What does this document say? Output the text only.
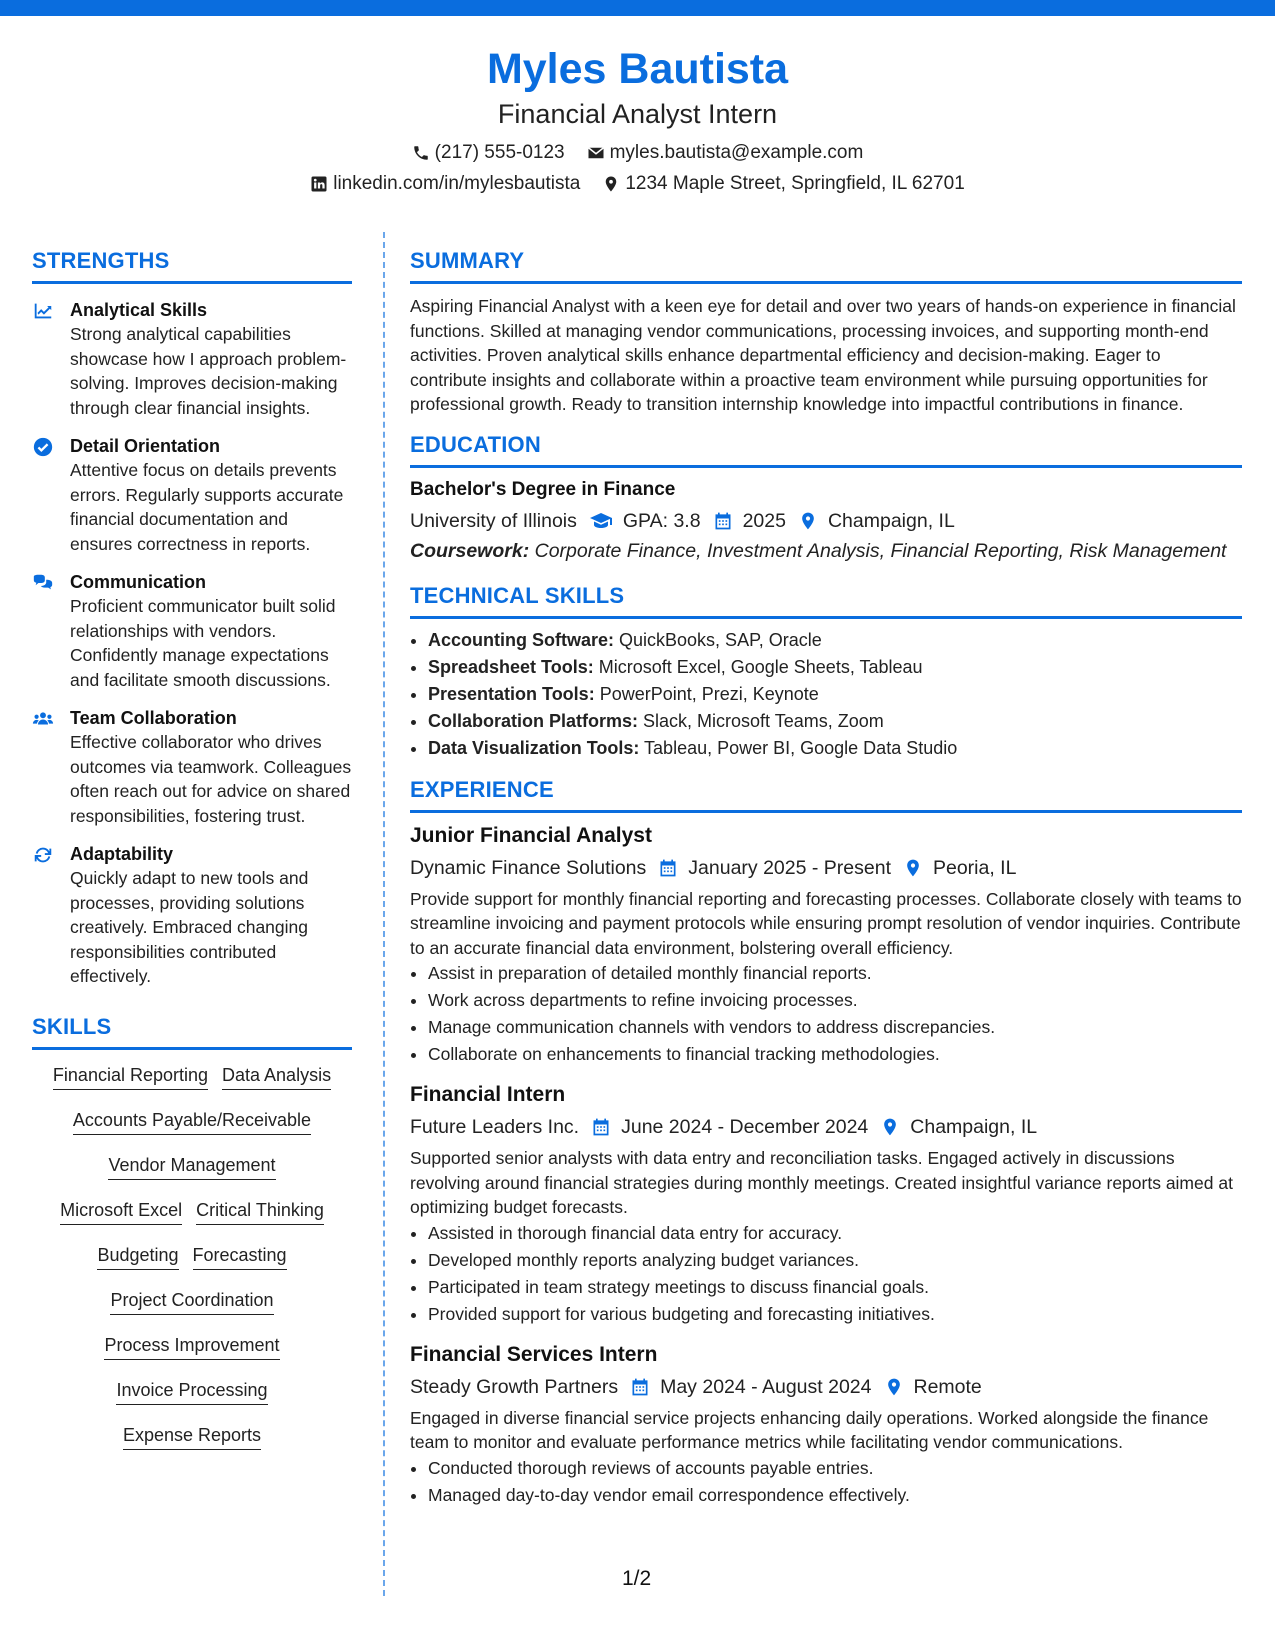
Myles Bautista
Financial Analyst Intern
(217) 555-0123 myles.bautista@example.com
linkedin.com/in/mylesbautista 1234 Maple Street, Springfield, IL 62701
STRENGTHS
Analytical Skills
Strong analytical capabilities showcase how I approach problem-solving. Improves decision-making through clear financial insights.
Detail Orientation
Attentive focus on details prevents errors. Regularly supports accurate financial documentation and ensures correctness in reports.
Communication
Proficient communicator built solid relationships with vendors. Confidently manage expectations and facilitate smooth discussions.
Team Collaboration
Effective collaborator who drives outcomes via teamwork. Colleagues often reach out for advice on shared responsibilities, fostering trust.
Adaptability
Quickly adapt to new tools and processes, providing solutions creatively. Embraced changing responsibilities contributed effectively.
SKILLS
Financial Reporting Data Analysis
Accounts Payable/Receivable
Vendor Management
Microsoft Excel Critical Thinking
Budgeting Forecasting
Project Coordination
Process Improvement
Invoice Processing
Expense Reports
SUMMARY
Aspiring Financial Analyst with a keen eye for detail and over two years of hands-on experience in financial functions. Skilled at managing vendor communications, processing invoices, and supporting month-end activities. Proven analytical skills enhance departmental efficiency and decision-making. Eager to contribute insights and collaborate within a proactive team environment while pursuing opportunities for professional growth. Ready to transition internship knowledge into impactful contributions in finance.
EDUCATION
Bachelor's Degree in Finance
University of Illinois GPA: 3.8 2025 Champaign, IL
Coursework: Corporate Finance, Investment Analysis, Financial Reporting, Risk Management
TECHNICAL SKILLS
• Accounting Software: QuickBooks, SAP, Oracle
• Spreadsheet Tools: Microsoft Excel, Google Sheets, Tableau
• Presentation Tools: PowerPoint, Prezi, Keynote
• Collaboration Platforms: Slack, Microsoft Teams, Zoom
• Data Visualization Tools: Tableau, Power BI, Google Data Studio
EXPERIENCE
Junior Financial Analyst
Dynamic Finance Solutions January 2025 - Present Peoria, IL
Provide support for monthly financial reporting and forecasting processes. Collaborate closely with teams to streamline invoicing and payment protocols while ensuring prompt resolution of vendor inquiries. Contribute to an accurate financial data environment, bolstering overall efficiency.
• Assist in preparation of detailed monthly financial reports.
• Work across departments to refine invoicing processes.
• Manage communication channels with vendors to address discrepancies.
• Collaborate on enhancements to financial tracking methodologies.
Financial Intern
Future Leaders Inc. June 2024 - December 2024 Champaign, IL
Supported senior analysts with data entry and reconciliation tasks. Engaged actively in discussions revolving around financial strategies during monthly meetings. Created insightful variance reports aimed at optimizing budget forecasts.
• Assisted in thorough financial data entry for accuracy.
• Developed monthly reports analyzing budget variances.
• Participated in team strategy meetings to discuss financial goals.
• Provided support for various budgeting and forecasting initiatives.
Financial Services Intern
Steady Growth Partners May 2024 - August 2024 Remote
Engaged in diverse financial service projects enhancing daily operations. Worked alongside the finance team to monitor and evaluate performance metrics while facilitating vendor communications.
• Conducted thorough reviews of accounts payable entries.
• Managed day-to-day vendor email correspondence effectively.
1/2
